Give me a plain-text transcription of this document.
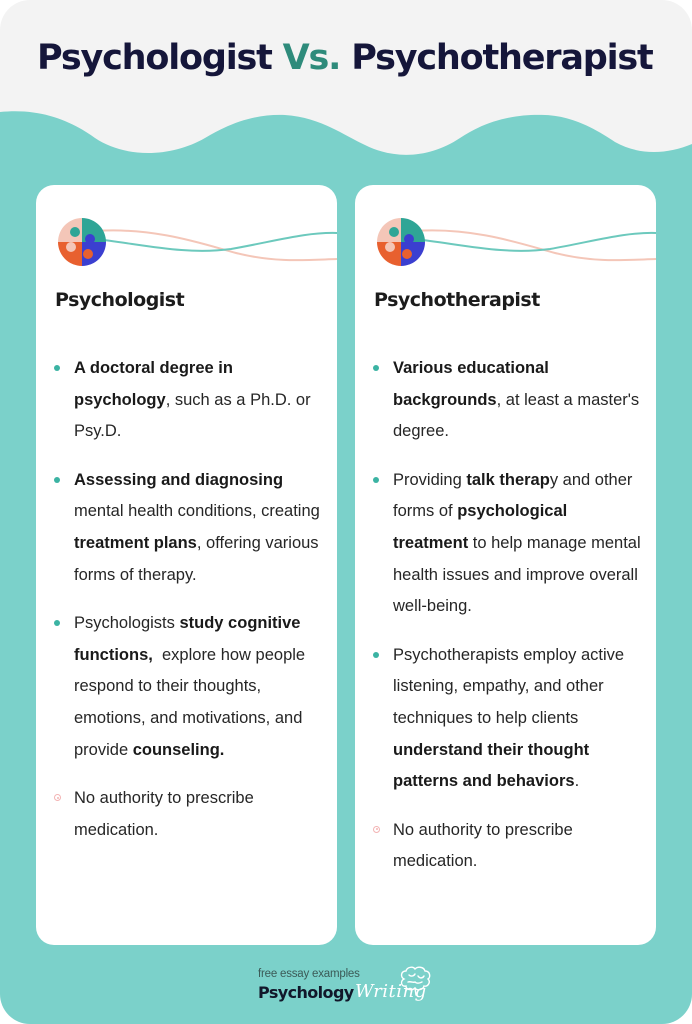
Psychologist Vs. Psychotherapist
Psychologist
A doctoral degree in psychology, such as a Ph.D. or Psy.D.
Assessing and diagnosing mental health conditions, creating treatment plans, offering various forms of therapy.
Psychologists study cognitive functions,  explore how people respond to their thoughts, emotions, and motivations, and provide counseling.
No authority to prescribe medication.
Psychotherapist
Various educational backgrounds, at least a master's degree.
Providing talk therapy and other forms of psychological treatment to help manage mental health issues and improve overall well-being.
Psychotherapists employ active listening, empathy, and other techniques to help clients understand their thought patterns and behaviors.
No authority to prescribe medication.
free essay examples
Psychology Writing
